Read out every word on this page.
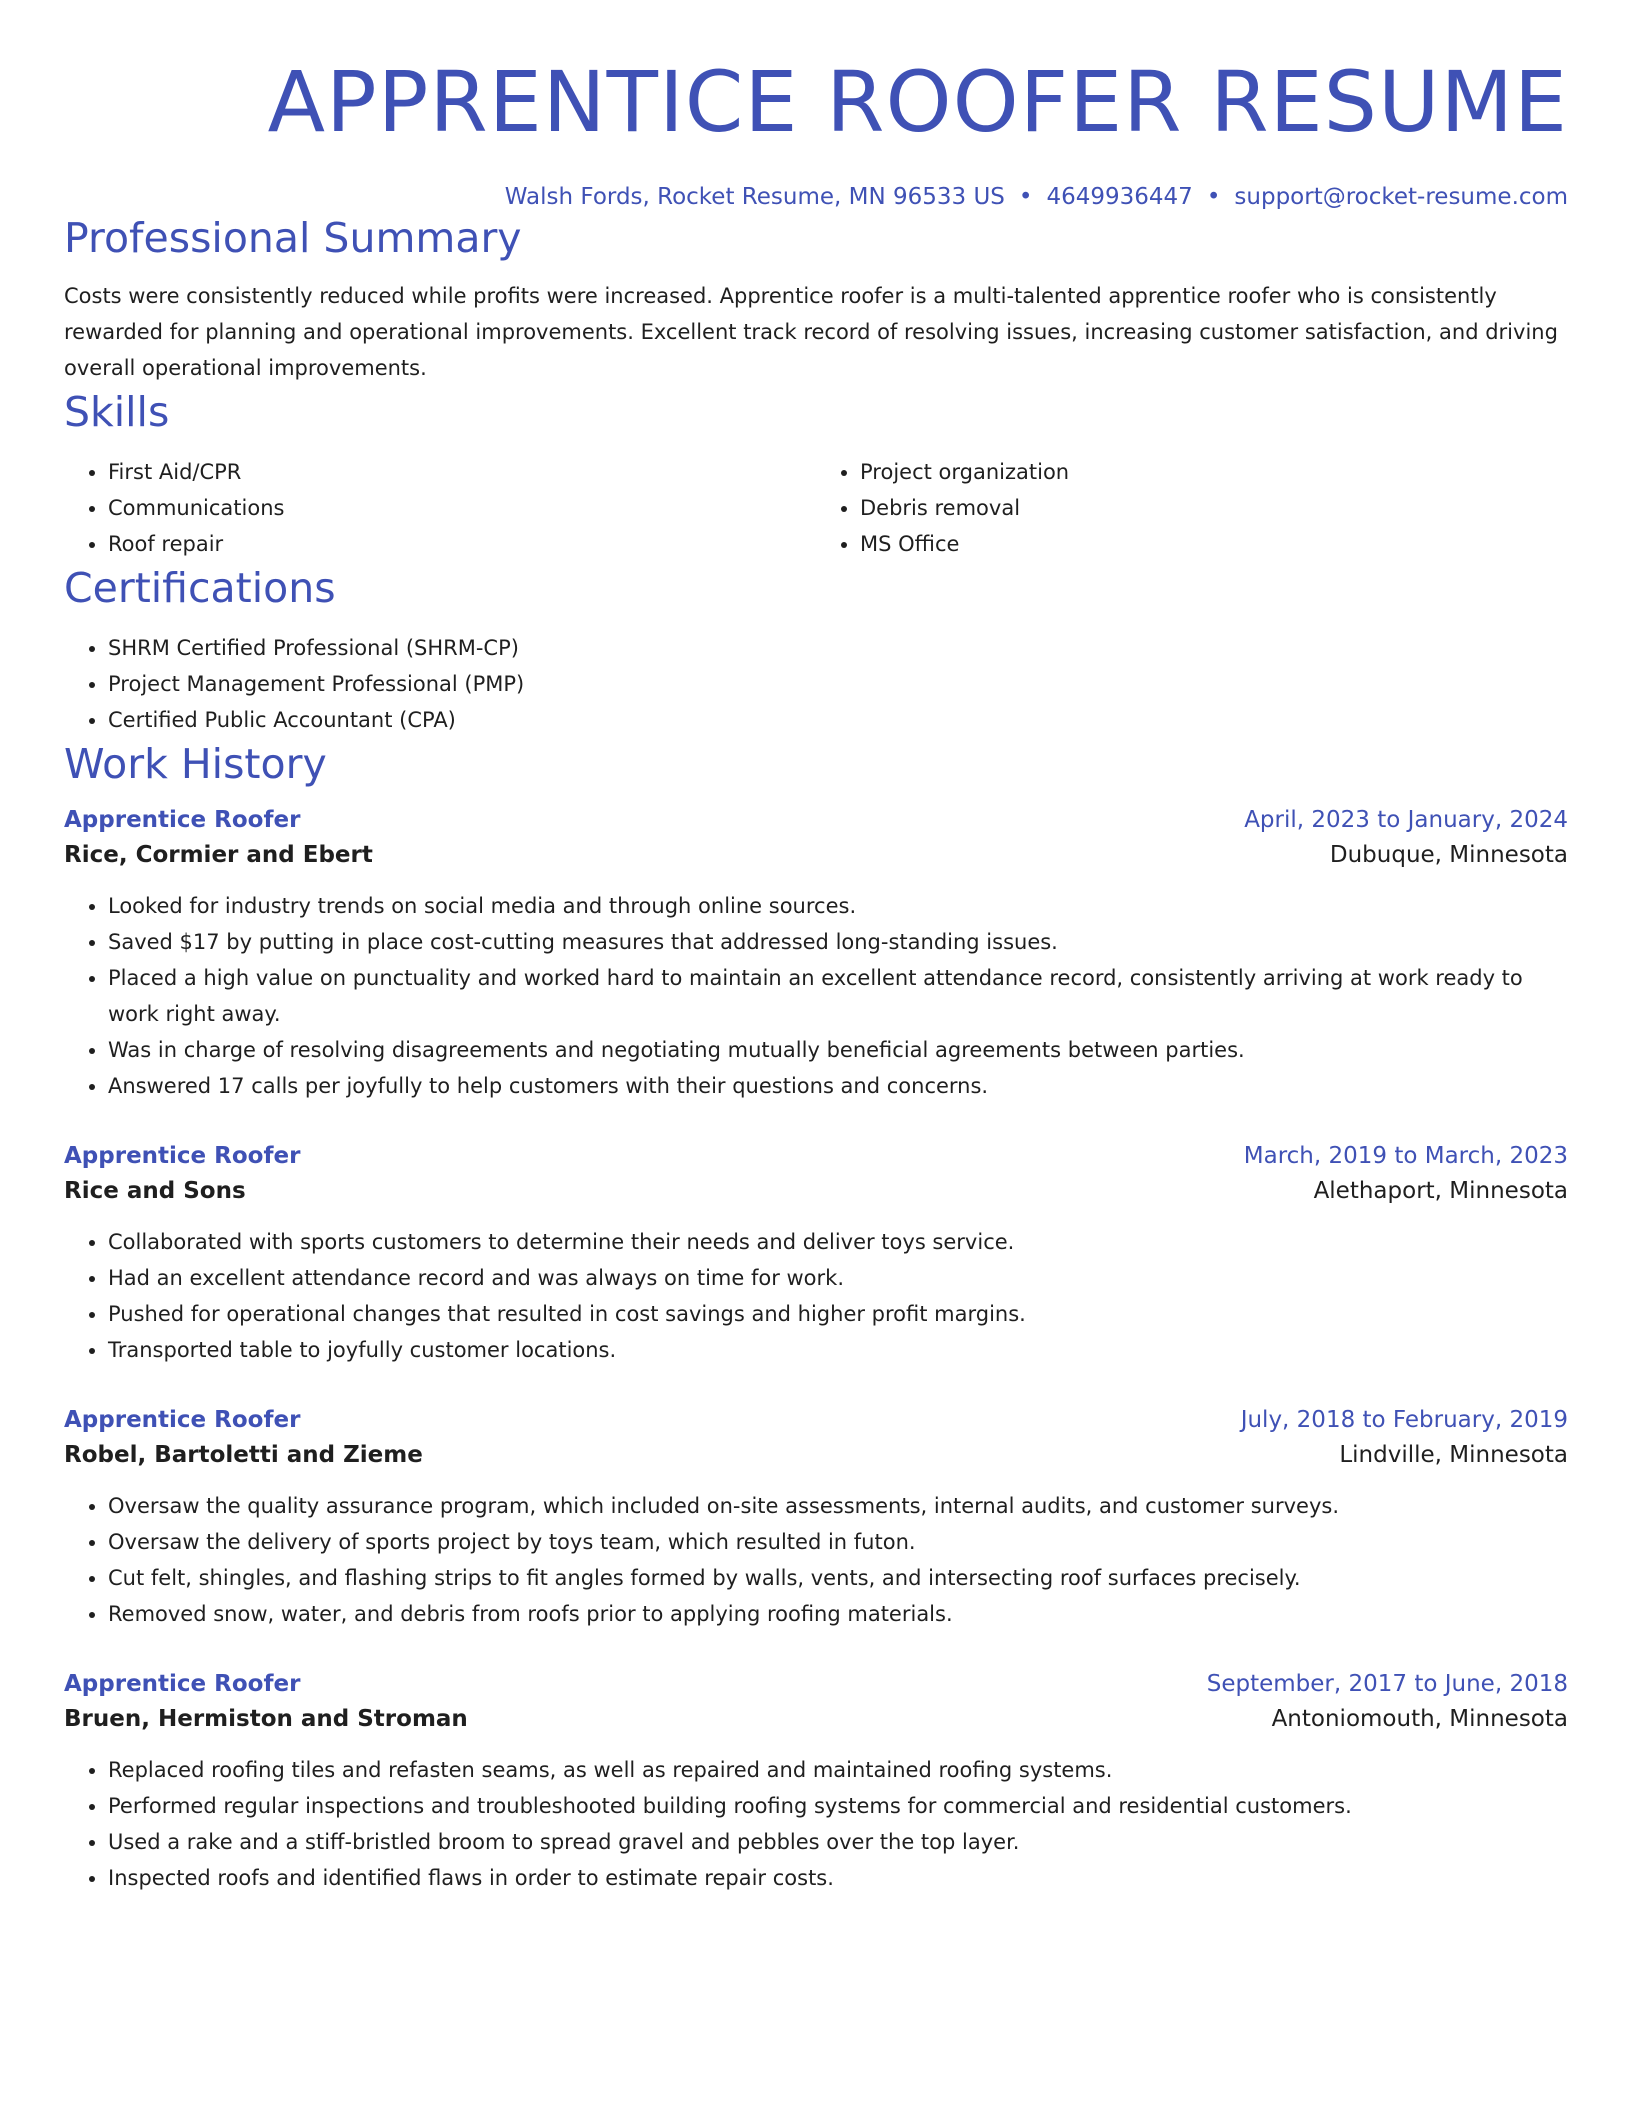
APPRENTICE ROOFER RESUME
Walsh Fords, Rocket Resume, MN 96533 US • 4649936447 • support@rocket-resume.com
Professional Summary

Costs were consistently reduced while profits were increased. Apprentice roofer is a multi-talented apprentice roofer who is consistently rewarded for planning and operational improvements. Excellent track record of resolving issues, increasing customer satisfaction, and driving overall operational improvements.

Skills
• First Aid/CPR
• Communications
• Roof repair
• Project organization
• Debris removal
• MS Office
Certifications
• SHRM Certified Professional (SHRM-CP)
• Project Management Professional (PMP)
• Certified Public Accountant (CPA)
Work History
Apprentice Roofer	April, 2023 to January, 2024
Rice, Cormier and Ebert	Dubuque, Minnesota
• Looked for industry trends on social media and through online sources.
• Saved $17 by putting in place cost-cutting measures that addressed long-standing issues.
• Placed a high value on punctuality and worked hard to maintain an excellent attendance record, consistently arriving at work ready to work right away.
• Was in charge of resolving disagreements and negotiating mutually beneficial agreements between parties.
• Answered 17 calls per joyfully to help customers with their questions and concerns.
Apprentice Roofer	March, 2019 to March, 2023
Rice and Sons	Alethaport, Minnesota
• Collaborated with sports customers to determine their needs and deliver toys service.
• Had an excellent attendance record and was always on time for work.
• Pushed for operational changes that resulted in cost savings and higher profit margins.
• Transported table to joyfully customer locations.
Apprentice Roofer	July, 2018 to February, 2019
Robel, Bartoletti and Zieme	Lindville, Minnesota
• Oversaw the quality assurance program, which included on-site assessments, internal audits, and customer surveys.
• Oversaw the delivery of sports project by toys team, which resulted in futon.
• Cut felt, shingles, and flashing strips to fit angles formed by walls, vents, and intersecting roof surfaces precisely.
• Removed snow, water, and debris from roofs prior to applying roofing materials.
Apprentice Roofer	September, 2017 to June, 2018
Bruen, Hermiston and Stroman	Antoniomouth, Minnesota
• Replaced roofing tiles and refasten seams, as well as repaired and maintained roofing systems.
• Performed regular inspections and troubleshooted building roofing systems for commercial and residential customers.
• Used a rake and a stiff-bristled broom to spread gravel and pebbles over the top layer.
• Inspected roofs and identified flaws in order to estimate repair costs.
